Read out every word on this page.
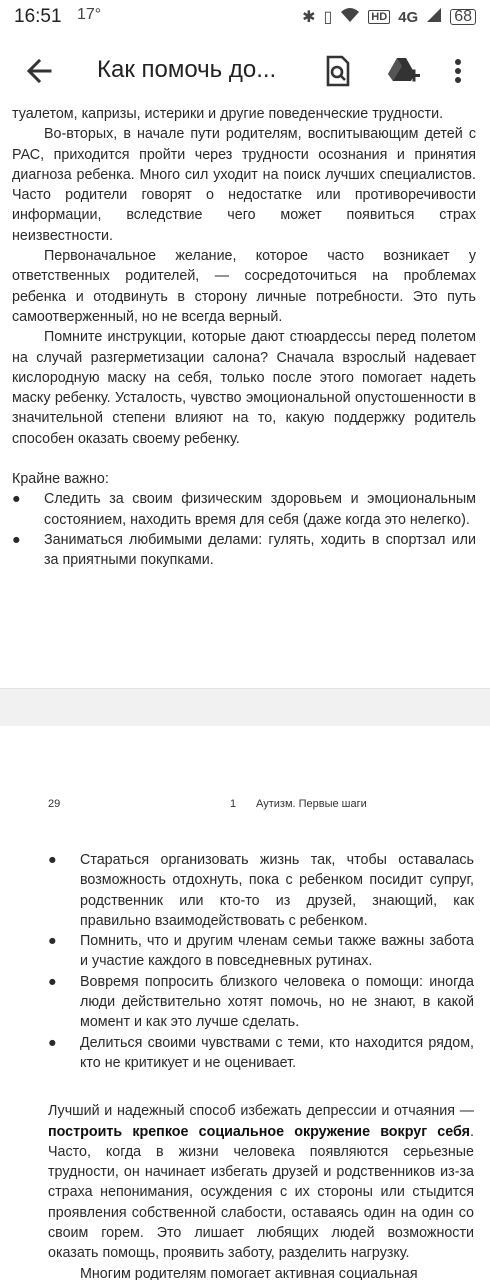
16:51 17°	✱ ▯	HD 4G 68
Как помочь до...

туалетом, капризы, истерики и другие поведенческие трудности.

Во-вторых, в начале пути родителям, воспитывающим детей с РАС, приходится пройти через трудности осознания и принятия диагноза ребенка. Много сил уходит на поиск лучших специалистов. Часто родители говорят о недостатке или противоречивости информации, вследствие чего может появиться страх неизвестности.

Первоначальное желание, которое часто возникает у ответственных родителей, — сосредоточиться на проблемах ребенка и отодвинуть в сторону личные потребности. Это путь самоотверженный, но не всегда верный.

Помните инструкции, которые дают стюардессы перед полетом на случай разгерметизации салона? Сначала взрослый надевает кислородную маску на себя, только после этого помогает надеть маску ребенку. Усталость, чувство эмоциональной опустошенности в значительной степени влияют на то, какую поддержку родитель способен оказать своему ребенку.

Крайне важно:

●	Следить за своим физическим здоровьем и эмоциональным состоянием, находить время для себя (даже когда это нелегко).
●	Заниматься любимыми делами: гулять, ходить в спортзал или за приятными покупками.
29	1 Аутизм. Первые шаги
●	Стараться организовать жизнь так, чтобы оставалась возможность отдохнуть, пока с ребенком посидит супруг, родственник или кто-то из друзей, знающий, как правильно взаимодействовать с ребенком.
●	Помнить, что и другим членам семьи также важны забота и участие каждого в повседневных рутинах.
●	Вовремя попросить близкого человека о помощи: иногда люди действительно хотят помочь, но не знают, в какой момент и как это лучше сделать.
●	Делиться своими чувствами с теми, кто находится рядом, кто не критикует и не оценивает.

Лучший и надежный способ избежать депрессии и отчаяния — построить крепкое социальное окружение вокруг себя. Часто, когда в жизни человека появляются серьезные трудности, он начинает избегать друзей и родственников из-за страха непонимания, осуждения с их стороны или стыдится проявления собственной слабости, оставаясь один на один со своим горем. Это лишает любящих людей возможности оказать помощь, проявить заботу, разделить нагрузку.

Многим родителям помогает активная социальная
